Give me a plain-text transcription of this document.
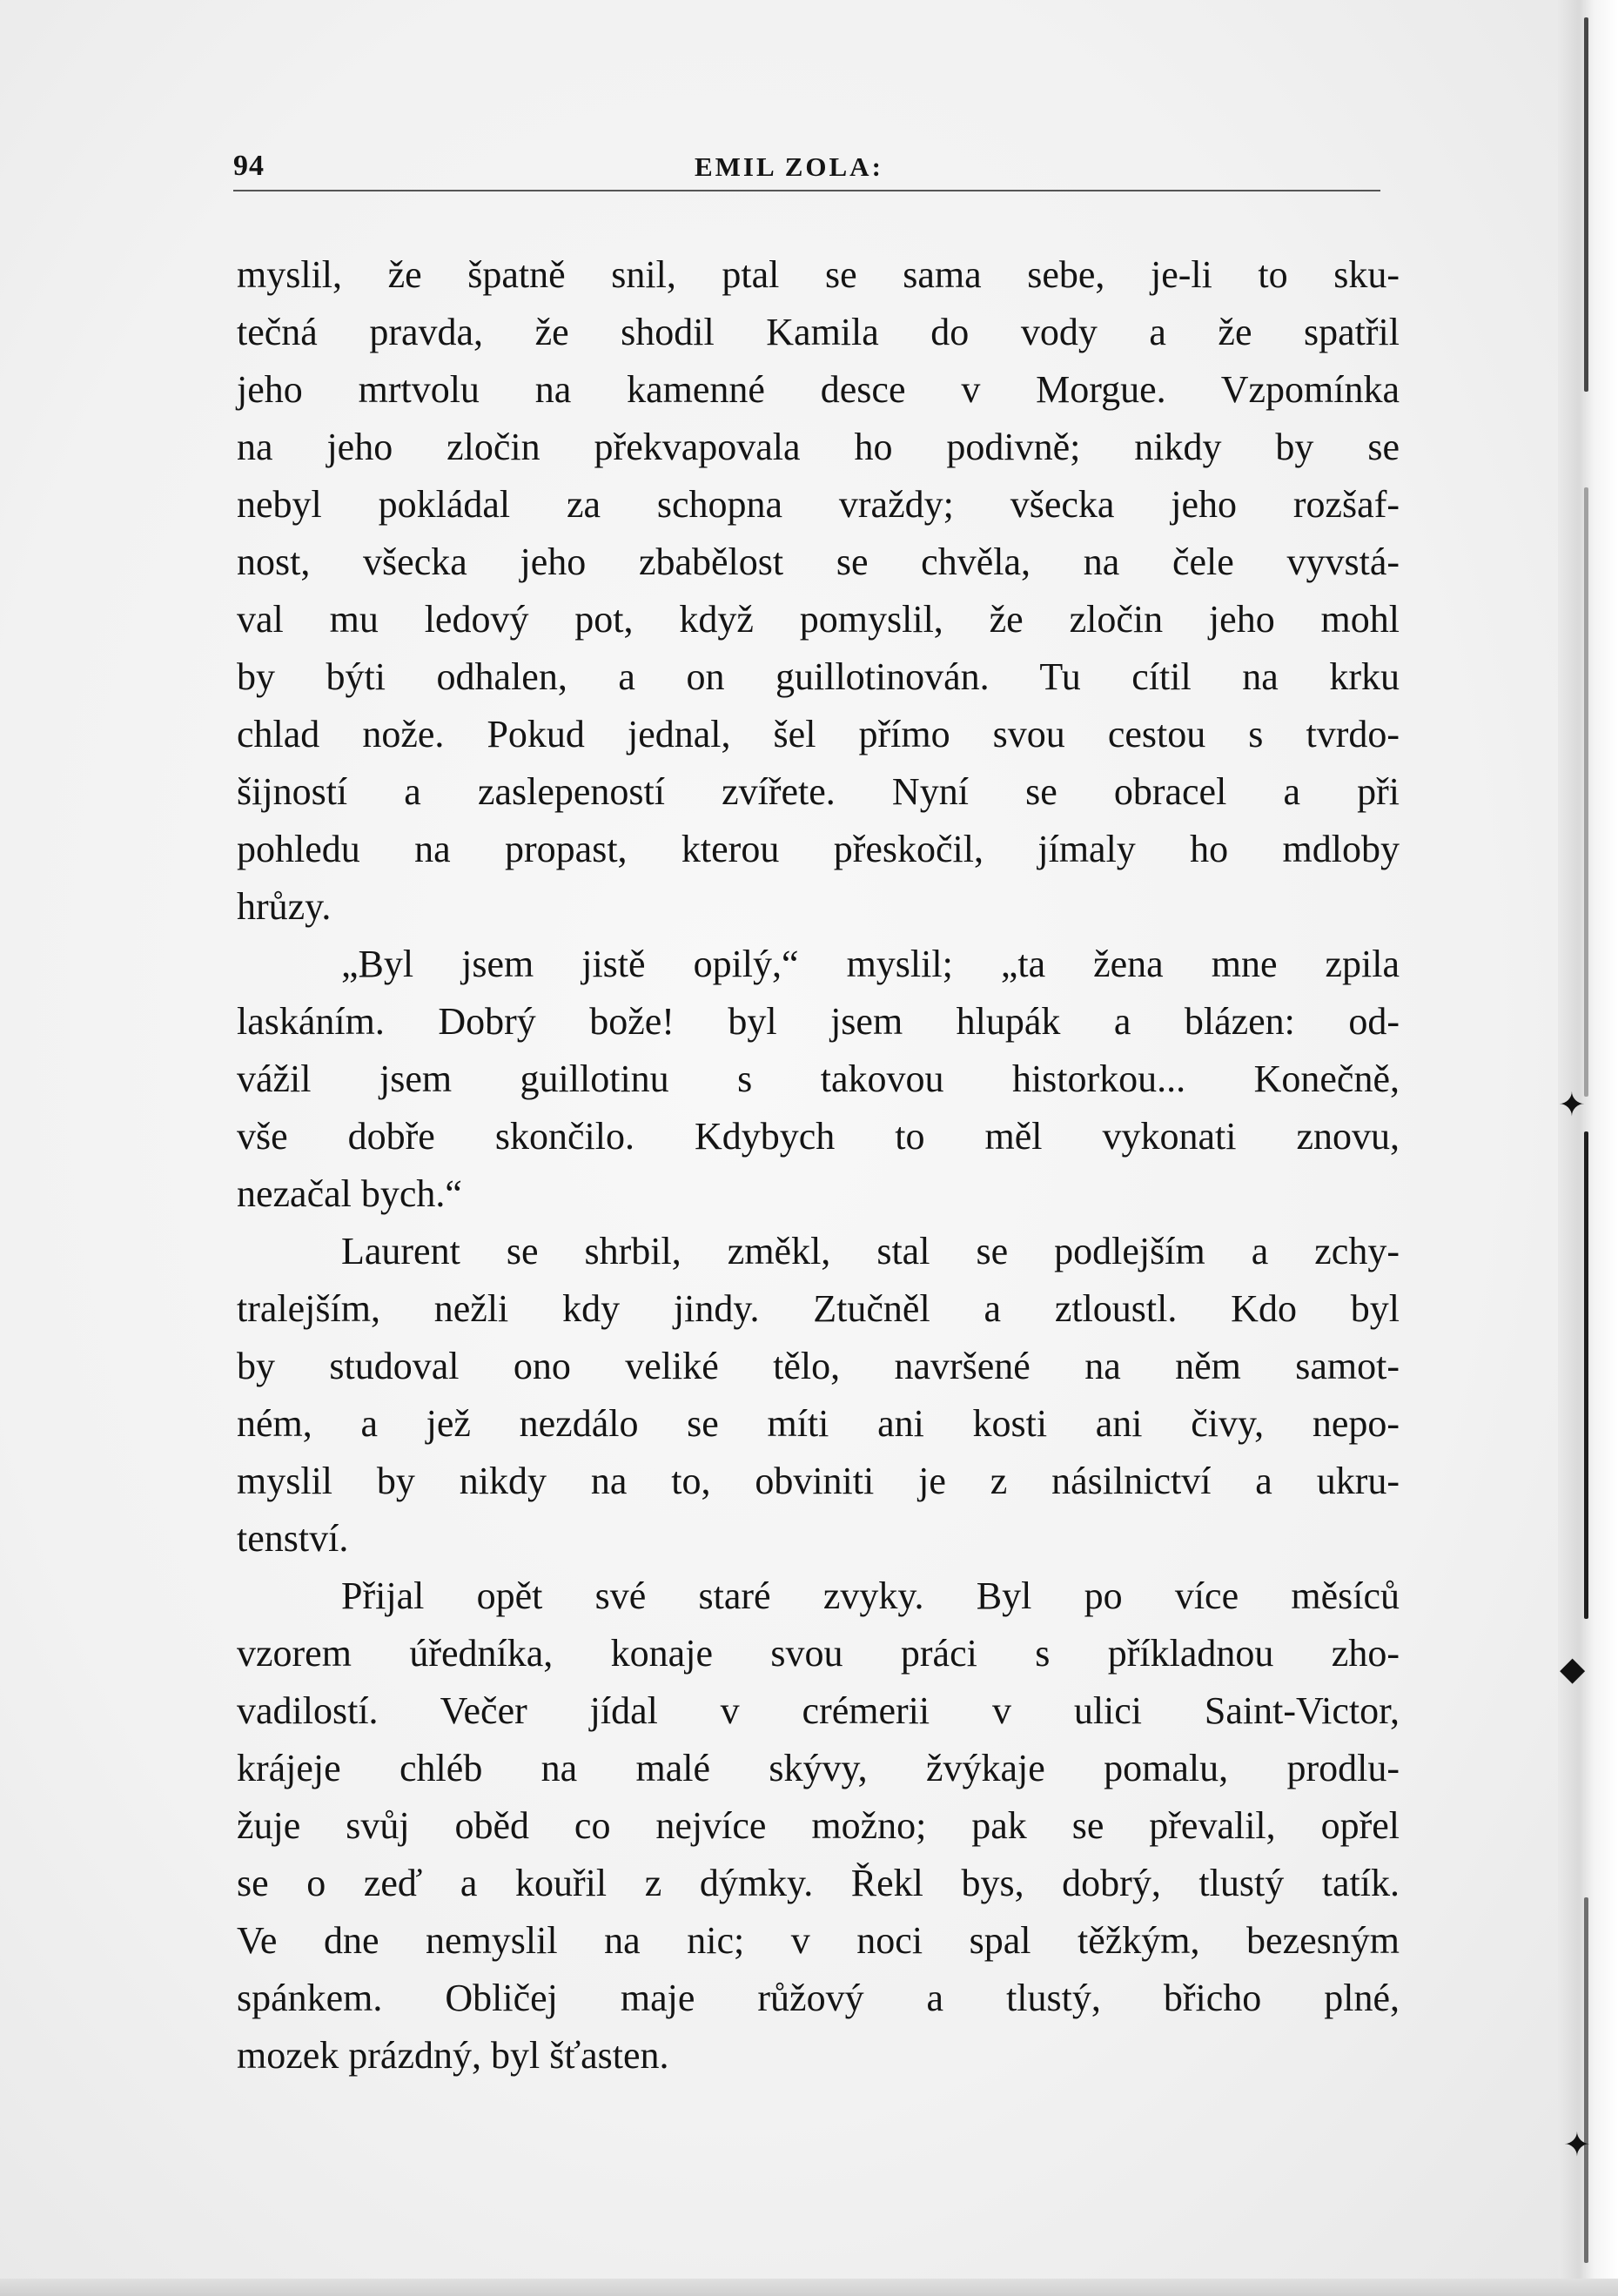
✦
◆
✦
94	EMIL ZOLA:
myslil, že špatně snil, ptal se sama sebe, je-li to sku-
tečná pravda, že shodil Kamila do vody a že spatřil
jeho mrtvolu na kamenné desce v Morgue. Vzpomínka
na jeho zločin překvapovala ho podivně; nikdy by se
nebyl pokládal za schopna vraždy; všecka jeho rozšaf-
nost, všecka jeho zbabělost se chvěla, na čele vyvstá-
val mu ledový pot, když pomyslil, že zločin jeho mohl
by býti odhalen, a on guillotinován. Tu cítil na krku
chlad nože. Pokud jednal, šel přímo svou cestou s tvrdo-
šijností a zaslepeností zvířete. Nyní se obracel a při
pohledu na propast, kterou přeskočil, jímaly ho mdloby
hrůzy.
„Byl jsem jistě opilý,“ myslil; „ta žena mne zpila
laskáním. Dobrý bože! byl jsem hlupák a blázen: od-
vážil jsem guillotinu s takovou historkou... Konečně,
vše dobře skončilo. Kdybych to měl vykonati znovu,
nezačal bych.“
Laurent se shrbil, změkl, stal se podlejším a zchy-
tralejším, nežli kdy jindy. Ztučněl a ztloustl. Kdo byl
by studoval ono veliké tělo, navršené na něm samot-
ném, a jež nezdálo se míti ani kosti ani čivy, nepo-
myslil by nikdy na to, obviniti je z násilnictví a ukru-
tenství.
Přijal opět své staré zvyky. Byl po více měsíců
vzorem úředníka, konaje svou práci s příkladnou zho-
vadilostí. Večer jídal v crémerii v ulici Saint-Victor,
krájeje chléb na malé skývy, žvýkaje pomalu, prodlu-
žuje svůj oběd co nejvíce možno; pak se převalil, opřel
se o zeď a kouřil z dýmky. Řekl bys, dobrý, tlustý tatík.
Ve dne nemyslil na nic; v noci spal těžkým, bezesným
spánkem. Obličej maje růžový a tlustý, břicho plné,
mozek prázdný, byl šťasten.
